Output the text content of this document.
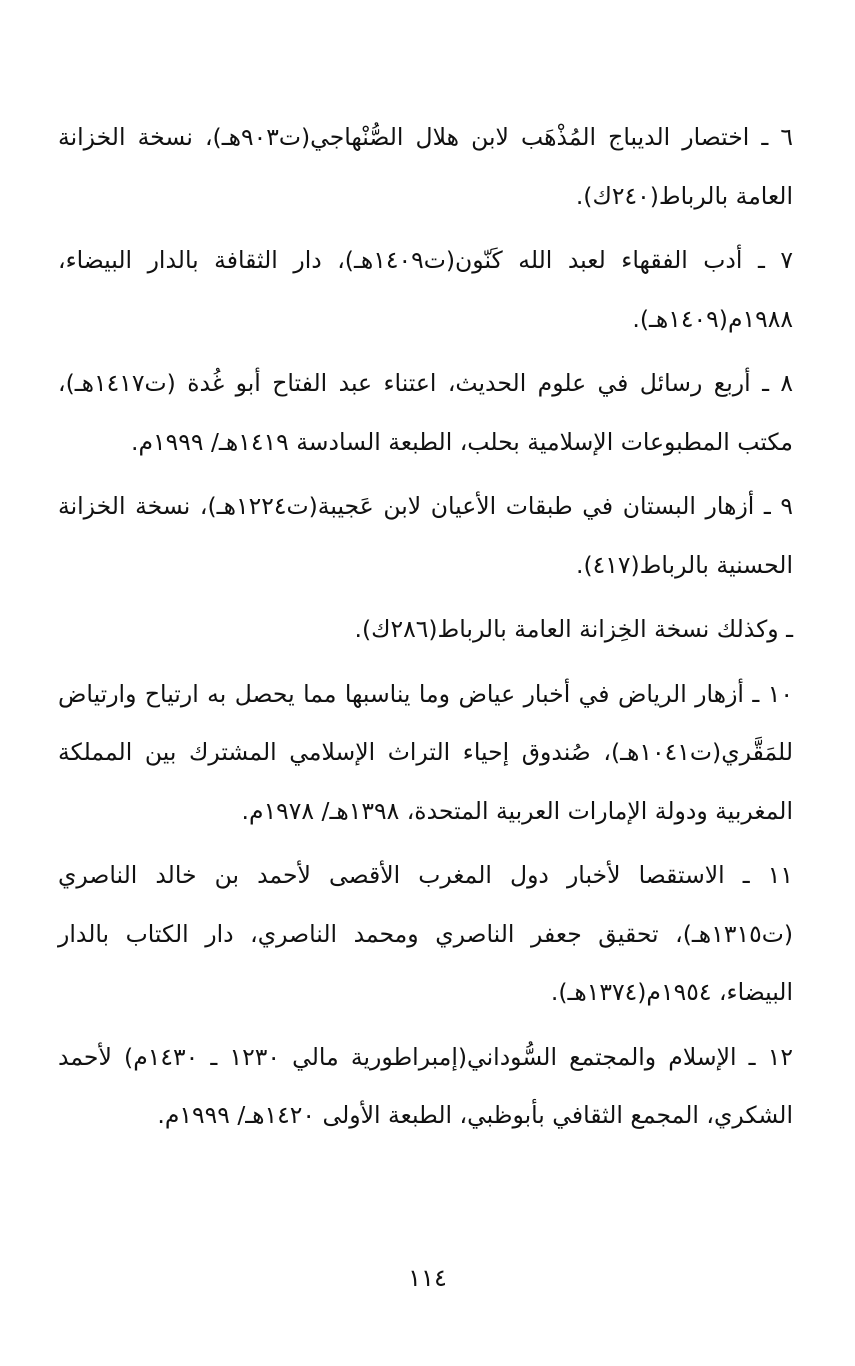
٦ ـ اختصار الديباج المُذْهَب لابن هلال الصُّنْهاجي(ت٩٠٣هـ)، نسخة الخزانة العامة بالرباط(٢٤٠ك).

٧ ـ أدب الفقهاء لعبد الله كَنّون(ت١٤٠٩هـ)، دار الثقافة بالدار البيضاء، ١٩٨٨م(١٤٠٩هـ).

٨ ـ أربع رسائل في علوم الحديث، اعتناء عبد الفتاح أبو غُدة (ت١٤١٧هـ)، مكتب المطبوعات الإسلامية بحلب، الطبعة السادسة ١٤١٩هـ/ ١٩٩٩م.

٩ ـ أزهار البستان في طبقات الأعيان لابن عَجيبة(ت١٢٢٤هـ)، نسخة الخزانة الحسنية بالرباط(٤١٧).

ـ وكذلك نسخة الخِزانة العامة بالرباط(٢٨٦ك).

١٠ ـ أزهار الرياض في أخبار عياض وما يناسبها مما يحصل به ارتياح وارتياض للمَقَّري(ت١٠٤١هـ)، صُندوق إحياء التراث الإسلامي المشترك بين المملكة المغربية ودولة الإمارات العربية المتحدة، ١٣٩٨هـ/ ١٩٧٨م.

١١ ـ الاستقصا لأخبار دول المغرب الأقصى لأحمد بن خالد الناصري (ت١٣١٥هـ)، تحقيق جعفر الناصري ومحمد الناصري، دار الكتاب بالدار البيضاء، ١٩٥٤م(١٣٧٤هـ).

١٢ ـ الإسلام والمجتمع السُّوداني(إمبراطورية مالي ١٢٣٠ ـ ١٤٣٠م) لأحمد الشكري، المجمع الثقافي بأبوظبي، الطبعة الأولى ١٤٢٠هـ/ ١٩٩٩م.

١١٤
